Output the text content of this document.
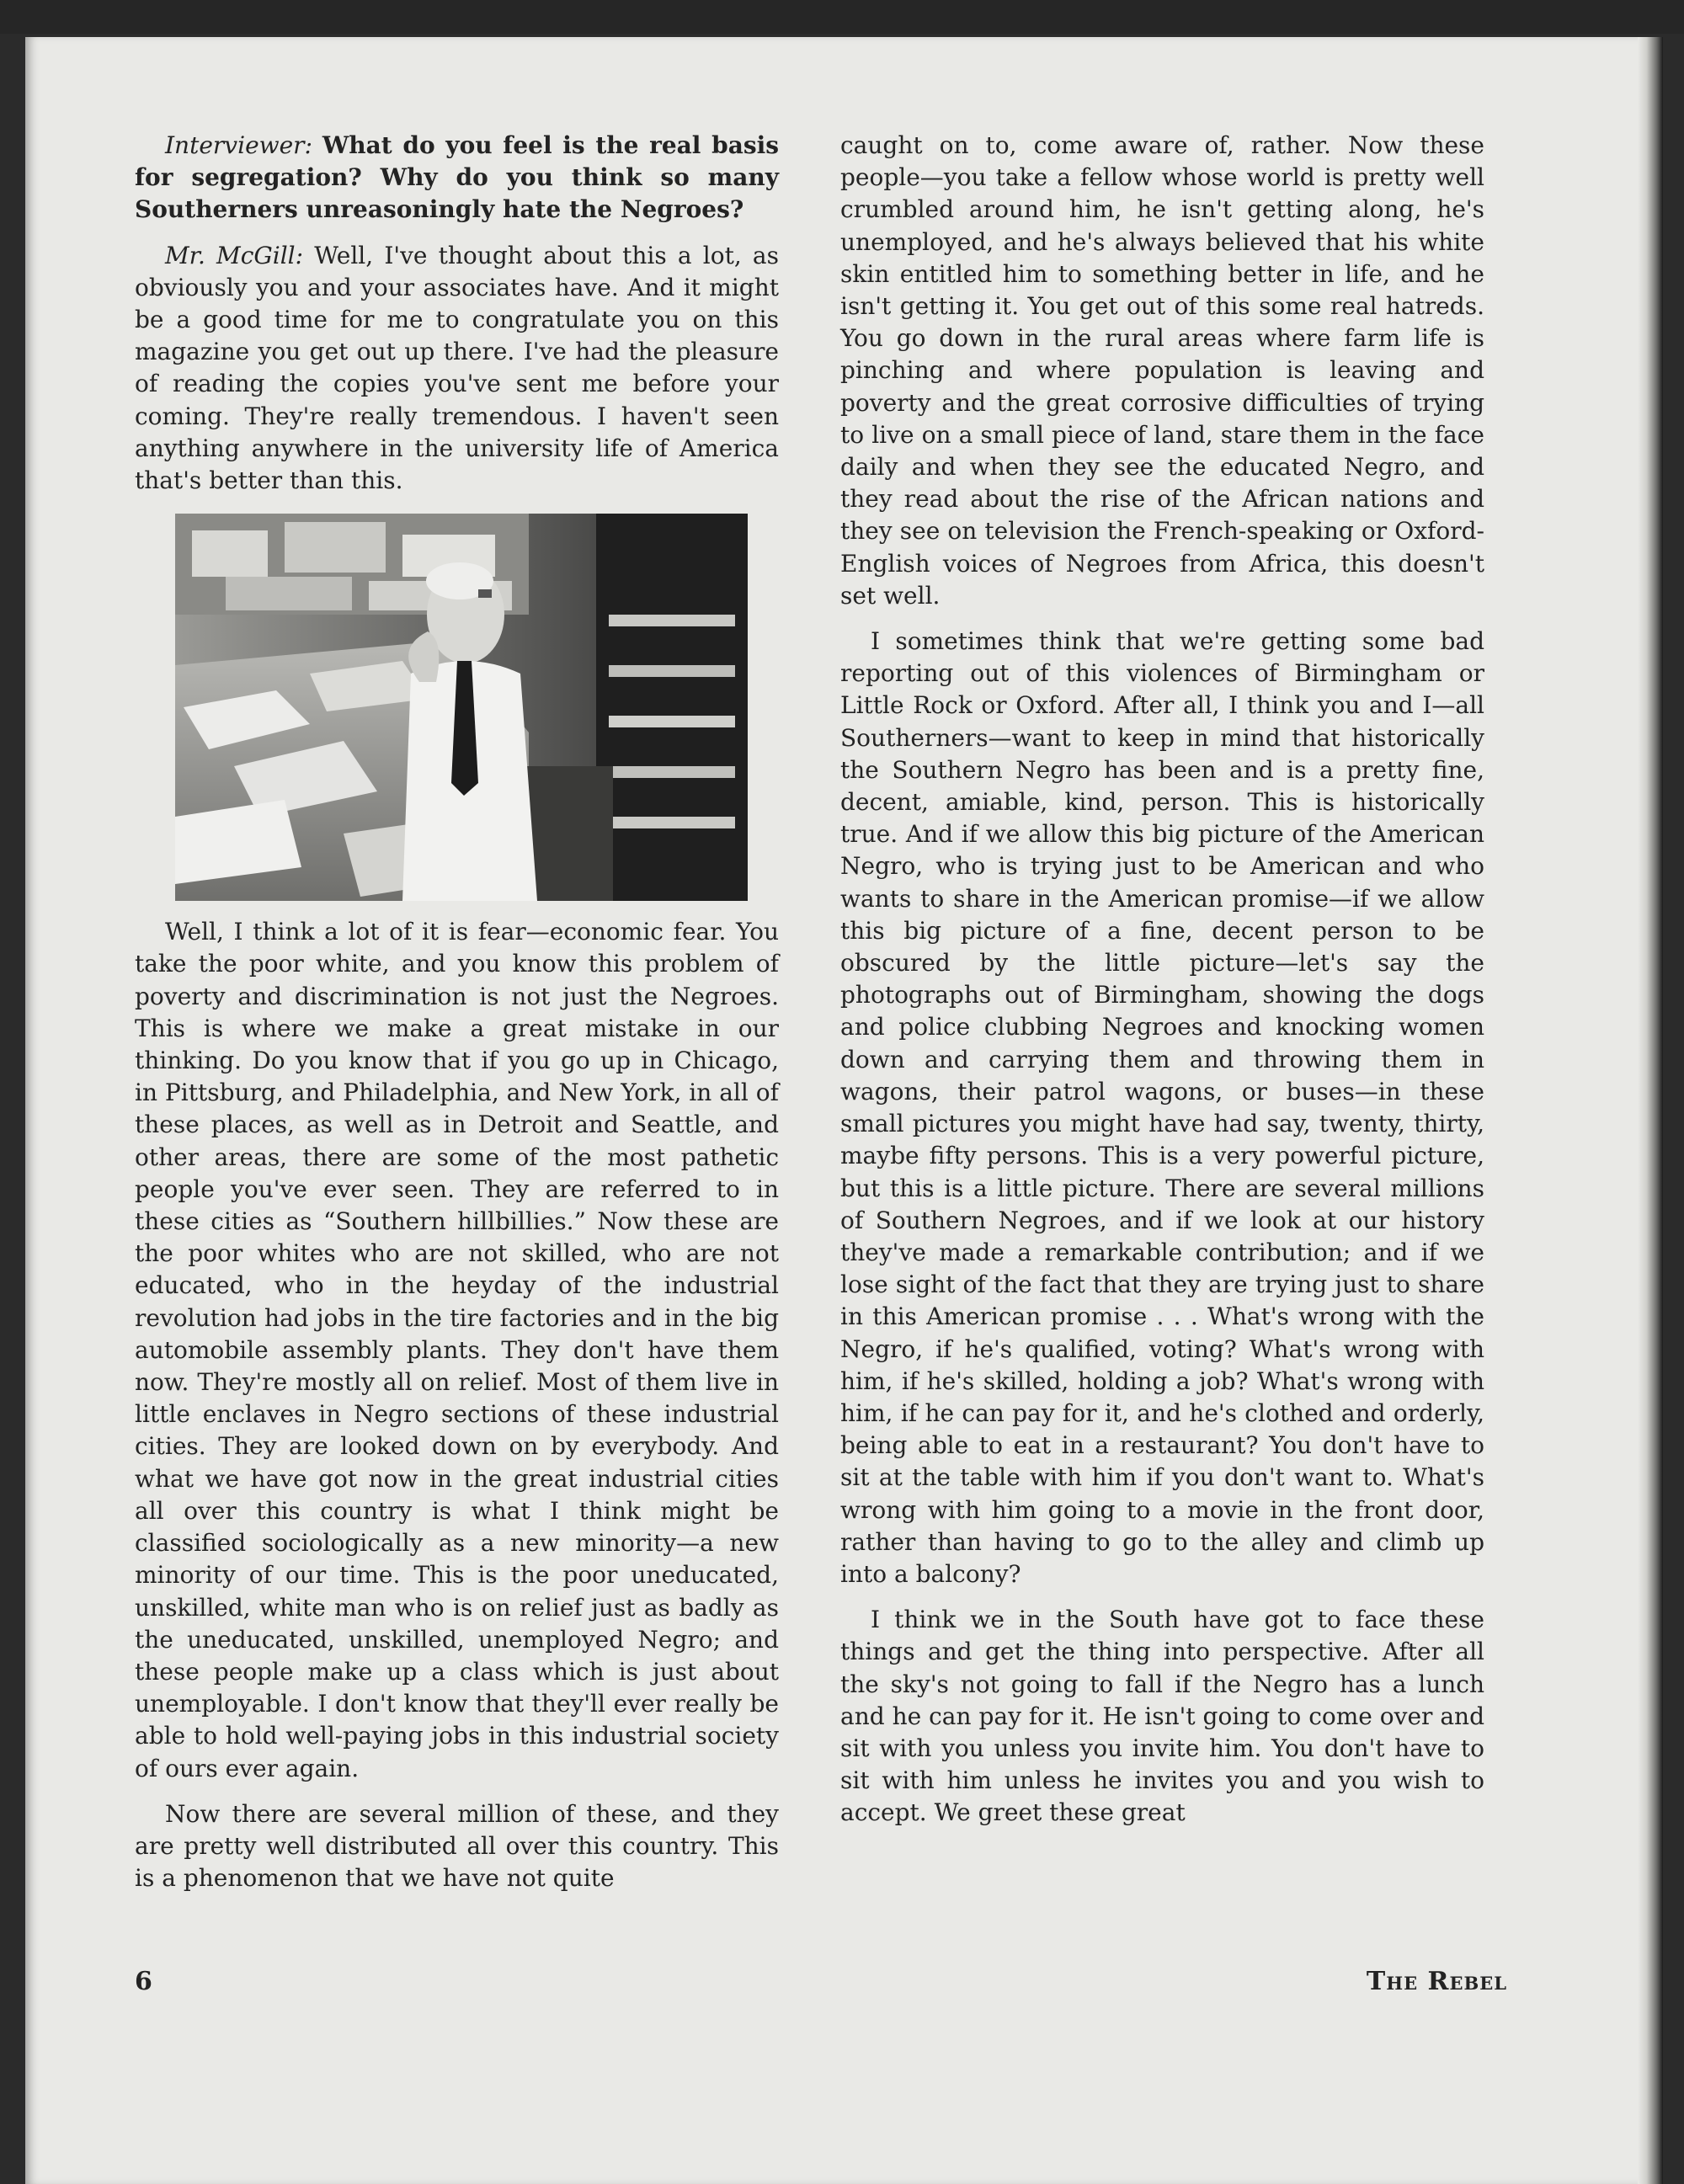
Interviewer: What do you feel is the real basis for segregation? Why do you think so many Southerners unreasoningly hate the Negroes?

Mr. McGill: Well, I've thought about this a lot, as obviously you and your associates have. And it might be a good time for me to congratulate you on this magazine you get out up there. I've had the pleasure of reading the copies you've sent me before your coming. They're really tremendous. I haven't seen anything anywhere in the university life of America that's better than this.

Well, I think a lot of it is fear—economic fear. You take the poor white, and you know this problem of poverty and discrimination is not just the Negroes. This is where we make a great mistake in our thinking. Do you know that if you go up in Chicago, in Pittsburg, and Philadelphia, and New York, in all of these places, as well as in Detroit and Seattle, and other areas, there are some of the most pathetic people you've ever seen. They are referred to in these cities as “Southern hillbillies.” Now these are the poor whites who are not skilled, who are not educated, who in the heyday of the industrial revolution had jobs in the tire factories and in the big automobile assembly plants. They don't have them now. They're mostly all on relief. Most of them live in little enclaves in Negro sections of these industrial cities. They are looked down on by everybody. And what we have got now in the great industrial cities all over this country is what I think might be classified sociologically as a new minority—a new minority of our time. This is the poor uneducated, unskilled, white man who is on relief just as badly as the uneducated, unskilled, unemployed Negro; and these people make up a class which is just about unemployable. I don't know that they'll ever really be able to hold well-paying jobs in this industrial society of ours ever again.

Now there are several million of these, and they are pretty well distributed all over this country. This is a phenomenon that we have not quite

caught on to, come aware of, rather. Now these people—you take a fellow whose world is pretty well crumbled around him, he isn't getting along, he's unemployed, and he's always believed that his white skin entitled him to something better in life, and he isn't getting it. You get out of this some real hatreds. You go down in the rural areas where farm life is pinching and where population is leaving and poverty and the great corrosive difficulties of trying to live on a small piece of land, stare them in the face daily and when they see the educated Negro, and they read about the rise of the African nations and they see on television the French-speaking or Oxford-English voices of Negroes from Africa, this doesn't set well.

I sometimes think that we're getting some bad reporting out of this violences of Birmingham or Little Rock or Oxford. After all, I think you and I—all Southerners—want to keep in mind that historically the Southern Negro has been and is a pretty fine, decent, amiable, kind, person. This is historically true. And if we allow this big picture of the American Negro, who is trying just to be American and who wants to share in the American promise—if we allow this big picture of a fine, decent person to be obscured by the little picture—let's say the photographs out of Birmingham, showing the dogs and police clubbing Negroes and knocking women down and carrying them and throwing them in wagons, their patrol wagons, or buses—in these small pictures you might have had say, twenty, thirty, maybe fifty persons. This is a very powerful picture, but this is a little picture. There are several millions of Southern Negroes, and if we look at our history they've made a remarkable contribution; and if we lose sight of the fact that they are trying just to share in this American promise . . . What's wrong with the Negro, if he's qualified, voting? What's wrong with him, if he's skilled, holding a job? What's wrong with him, if he can pay for it, and he's clothed and orderly, being able to eat in a restaurant? You don't have to sit at the table with him if you don't want to. What's wrong with him going to a movie in the front door, rather than having to go to the alley and climb up into a balcony?

I think we in the South have got to face these things and get the thing into perspective. After all the sky's not going to fall if the Negro has a lunch and he can pay for it. He isn't going to come over and sit with you unless you invite him. You don't have to sit with him unless he invites you and you wish to accept. We greet these great

6	The Rebel
